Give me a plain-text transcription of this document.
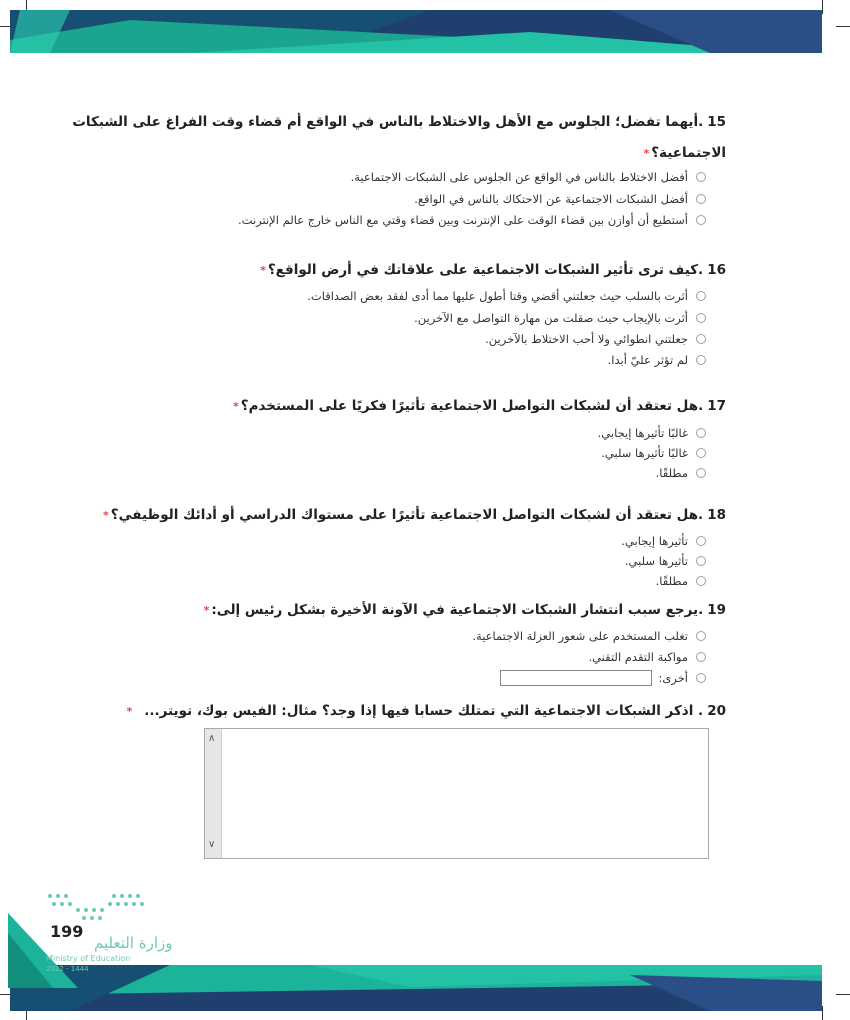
15.أيهما تفضل؛ الجلوس مع الأهل والاختلاط بالناس في الواقع أم قضاء وقت الفراغ على الشبكات
الاجتماعية؟*
أفضل الاختلاط بالناس في الواقع عن الجلوس على الشبكات الاجتماعية.
أفضل الشبكات الاجتماعية عن الاحتكاك بالناس في الواقع.
أستطيع أن أوازن بين قضاء الوقت على الإنترنت وبين قضاء وقتي مع الناس خارج عالم الإنترنت.
16.كيف ترى تأثير الشبكات الاجتماعية على علاقاتك في أرض الواقع؟*
أثرت بالسلب حيث جعلتني أقضي وقتا أطول عليها مما أدى لفقد بعض الصداقات.
أثرت بالإيجاب حيث صقلت من مهارة التواصل مع الآخرين.
جعلتني انطوائي ولا أحب الاختلاط بالآخرين.
لم تؤثر عليّ أبدا.
17.هل تعتقد أن لشبكات التواصل الاجتماعية تأثيرًا فكريًا على المستخدم؟*
غالبًا تأثيرها إيجابي.
غالبًا تأثيرها سلبي.
مطلقًا.
18.هل تعتقد أن لشبكات التواصل الاجتماعية تأثيرًا على مستواك الدراسي أو أدائك الوظيفي؟*
تأثيرها إيجابي.
تأثيرها سلبي.
مطلقًا.
19.يرجع سبب انتشار الشبكات الاجتماعية في الآونة الأخيرة بشكل رئيس إلى:*
تغلب المستخدم على شعور العزلة الاجتماعية.
مواكبة التقدم التقني.
أخرى:
20. اذكر الشبكات الاجتماعية التي تمتلك حسابا فيها إذا وجد؟ مثال: الفيس بوك، تويتر...*
∧
∨
وزارة التعليم
Ministry of Education
2022 - 1444
199
